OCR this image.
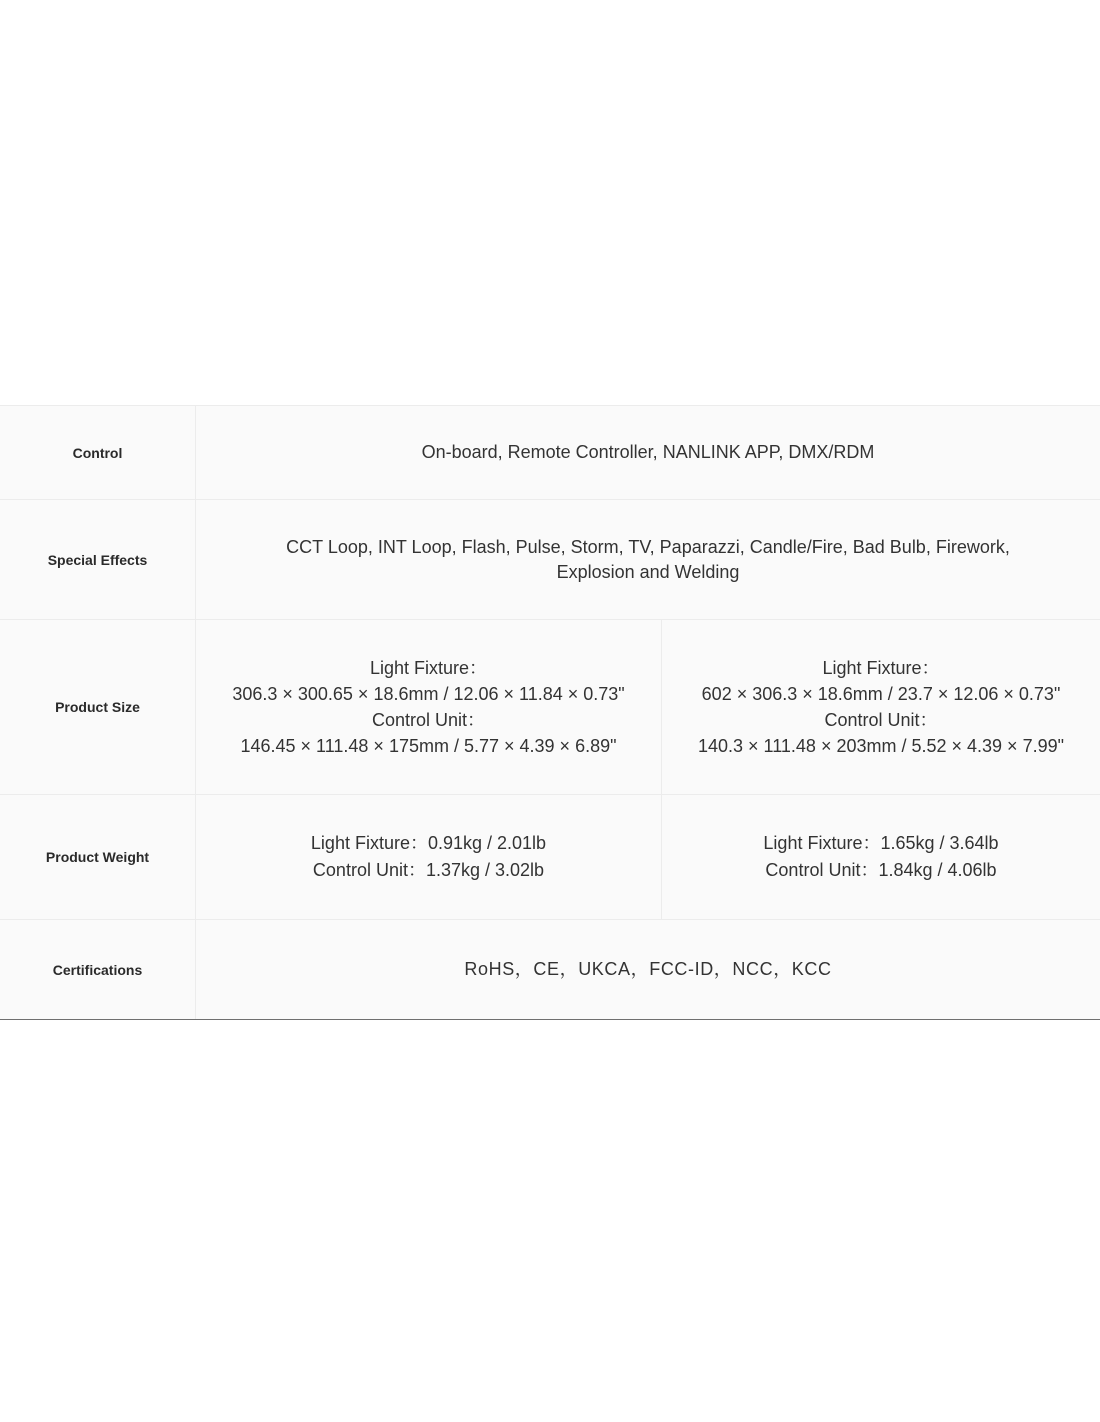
Control	On-board, Remote Controller, NANLINK APP, DMX/RDM
Special Effects
CCT Loop, INT Loop, Flash, Pulse, Storm, TV, Paparazzi, Candle/Fire, Bad Bulb, Firework,
Explosion and Welding
Product Size
Light Fixture：
306.3 × 300.65 × 18.6mm / 12.06 × 11.84 × 0.73"
Control Unit：
146.45 × 111.48 × 175mm / 5.77 × 4.39 × 6.89"
Light Fixture：
602 × 306.3 × 18.6mm / 23.7 × 12.06 × 0.73"
Control Unit：
140.3 × 111.48 × 203mm / 5.52 × 4.39 × 7.99"
Product Weight
Light Fixture：0.91kg / 2.01lb
Control Unit：1.37kg / 3.02lb
Light Fixture：1.65kg / 3.64lb
Control Unit：1.84kg / 4.06lb
Certifications	RoHS，CE，UKCA，FCC-ID，NCC，KCC
